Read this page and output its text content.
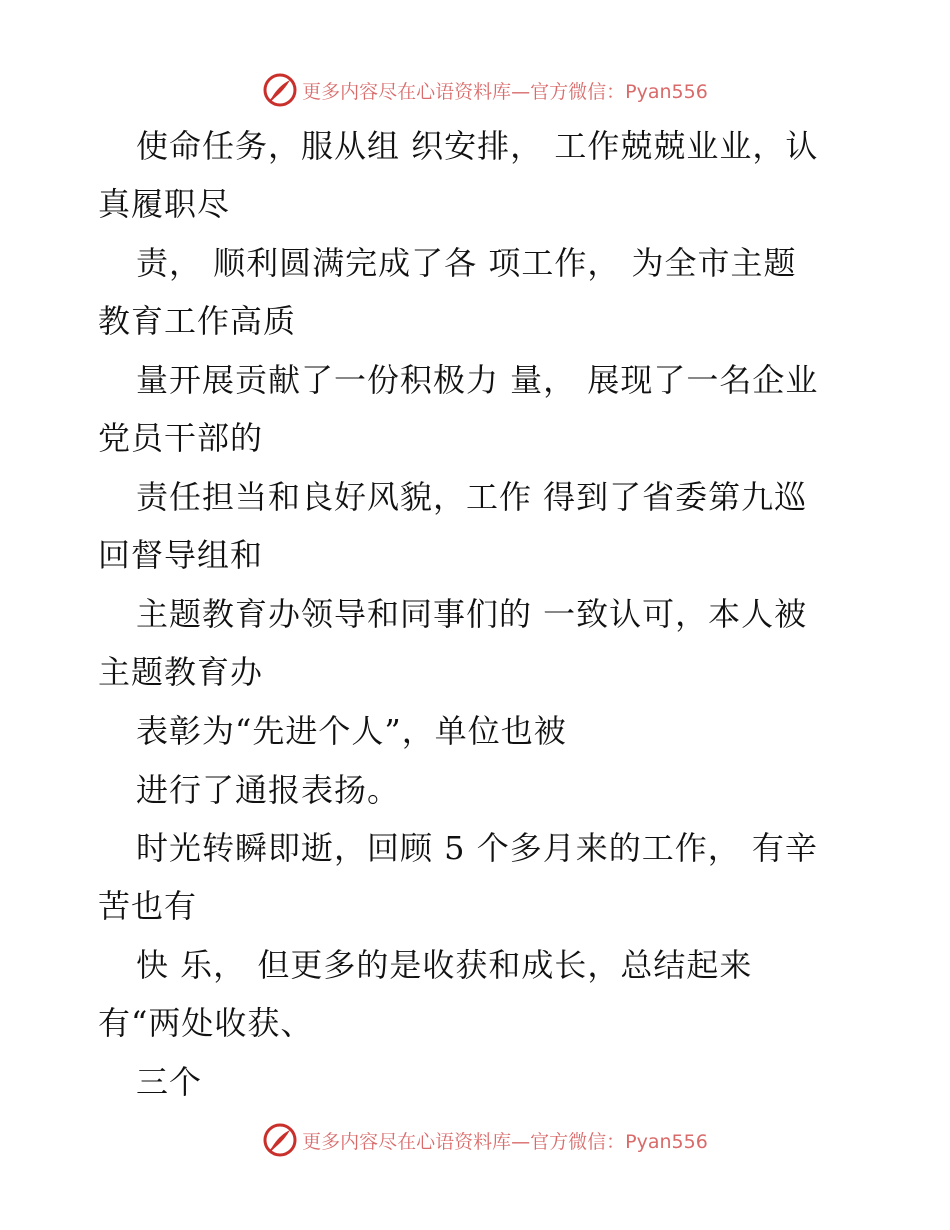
更多内容尽在心语资料库—官方微信：Pyan556
使命任务，服从组 织安排， 工作兢兢业业，认
真履职尽
责， 顺利圆满完成了各 项工作， 为全市主题
教育工作高质
量开展贡献了一份积极力 量， 展现了一名企业
党员干部的
责任担当和良好风貌，工作 得到了省委第九巡
回督导组和
主题教育办领导和同事们的 一致认可，本人被
主题教育办
表彰为“先进个人”，单位也被
进行了通报表扬。
时光转瞬即逝，回顾 5 个多月来的工作， 有辛
苦也有
快 乐， 但更多的是收获和成长，总结起来
有“两处收获、
三个
更多内容尽在心语资料库—官方微信：Pyan556
